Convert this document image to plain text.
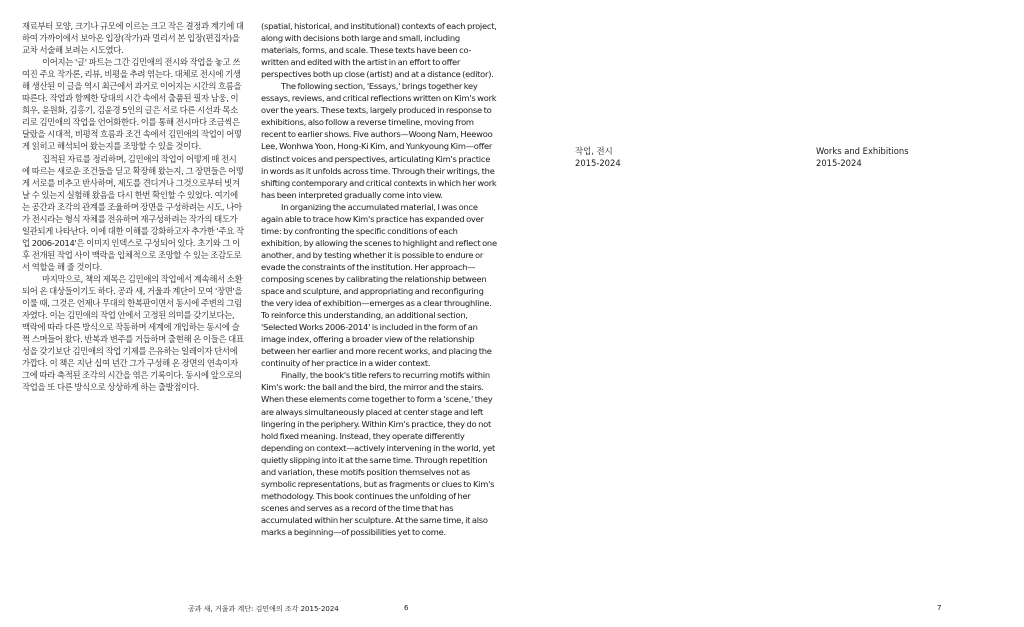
재료부터 모양, 크기나 규모에 이르는 크고 작은 결정과 계기에 대하여 가까이에서 보아온 입장(작가)과 멀리서 본 입장(편집자)을 교차 서술해 보려는 시도였다.

이어지는 '글' 파트는 그간 김민애의 전시와 작업을 놓고 쓰여진 주요 작가론, 리뷰, 비평을 추려 엮는다. 대체로 전시에 기생해 생산된 이 글을 역시 최근에서 과거로 이어지는 시간의 흐름을 따른다. 작업과 함께한 당대의 시간 속에서 출품된 필자 남웅, 이희우, 윤원화, 김홍기, 김윤경 5인의 글은 서로 다른 시선과 목소리로 김민애의 작업을 언어화한다. 이를 통해 전시마다 조금씩은 달랐을 시대적, 비평적 흐름과 조건 속에서 김민애의 작업이 어떻게 읽히고 해석되어 왔는지를 조망할 수 있을 것이다.

집적된 자료를 정리하며, 김민애의 작업이 어떻게 매 전시에 따르는 새로운 조건들을 딛고 확장해 왔는지, 그 장면들은 어떻게 서로를 비추고 반사하며, 제도를 견디거나 그것으로부터 빗겨날 수 있는지 실험해 왔음을 다시 한번 확인할 수 있었다. 여기에는 공간과 조각의 관계를 조율하며 장면을 구성하려는 시도, 나아가 전시라는 형식 자체를 전유하며 재구성하려는 작가의 태도가 일관되게 나타난다. 이에 대한 이해를 강화하고자 추가한 '주요 작업 2006-2014'은 이미지 인덱스로 구성되어 있다. 초기와 그 이후 전개된 작업 사이 맥락을 입체적으로 조망할 수 있는 조감도로서 역할을 해 줄 것이다.

마지막으로, 책의 제목은 김민애의 작업에서 계속해서 소환되어 온 대상들이기도 하다. 공과 새, 거울과 계단이 모여 '장면'을 이룰 때, 그것은 언제나 무대의 한복판이면서 동시에 주변의 그림자였다. 이는 김민애의 작업 안에서 고정된 의미를 갖기보다는, 맥락에 따라 다른 방식으로 작동하며 세계에 개입하는 동시에 슬쩍 스며들어 왔다. 반복과 변주를 거듭하며 출현해 온 이들은 대표성을 갖기보단 김민애의 작업 기제를 은유하는 일레이자 단서에 가깝다. 이 책은 지난 십여 년간 그가 구성해 온 장면의 연속이자 그에 따라 축적된 조각의 시간을 엮은 기록이다. 동시에 앞으로의 작업을 또 다른 방식으로 상상하게 하는 출발점이다.

(spatial, historical, and institutional) contexts of each project, along with decisions both large and small, including materials, forms, and scale. These texts have been co-written and edited with the artist in an effort to offer perspectives both up close (artist) and at a distance (editor).

The following section, 'Essays,' brings together key essays, reviews, and critical reflections written on Kim's work over the years. These texts, largely produced in response to exhibitions, also follow a reverse timeline, moving from recent to earlier shows. Five authors—Woong Nam, Heewoo Lee, Wonhwa Yoon, Hong-Ki Kim, and Yunkyoung Kim—offer distinct voices and perspectives, articulating Kim's practice in words as it unfolds across time. Through their writings, the shifting contemporary and critical contexts in which her work has been interpreted gradually come into view.

In organizing the accumulated material, I was once again able to trace how Kim's practice has expanded over time: by confronting the specific conditions of each exhibition, by allowing the scenes to highlight and reflect one another, and by testing whether it is possible to endure or evade the constraints of the institution. Her approach—composing scenes by calibrating the relationship between space and sculpture, and appropriating and reconfiguring the very idea of exhibition—emerges as a clear throughline. To reinforce this understanding, an additional section, 'Selected Works 2006-2014' is included in the form of an image index, offering a broader view of the relationship between her earlier and more recent works, and placing the continuity of her practice in a wider context.

Finally, the book's title refers to recurring motifs within Kim's work: the ball and the bird, the mirror and the stairs. When these elements come together to form a 'scene,' they are always simultaneously placed at center stage and left lingering in the periphery. Within Kim's practice, they do not hold fixed meaning. Instead, they operate differently depending on context—actively intervening in the world, yet quietly slipping into it at the same time. Through repetition and variation, these motifs position themselves not as symbolic representations, but as fragments or clues to Kim's methodology. This book continues the unfolding of her scenes and serves as a record of the time that has accumulated within her sculpture. At the same time, it also marks a beginning—of possibilities yet to come.

공과 새, 거울과 계단: 김민애의 조각 2015-2024	6
작업, 전시
2015-2024
Works and Exhibitions
2015-2024
7
